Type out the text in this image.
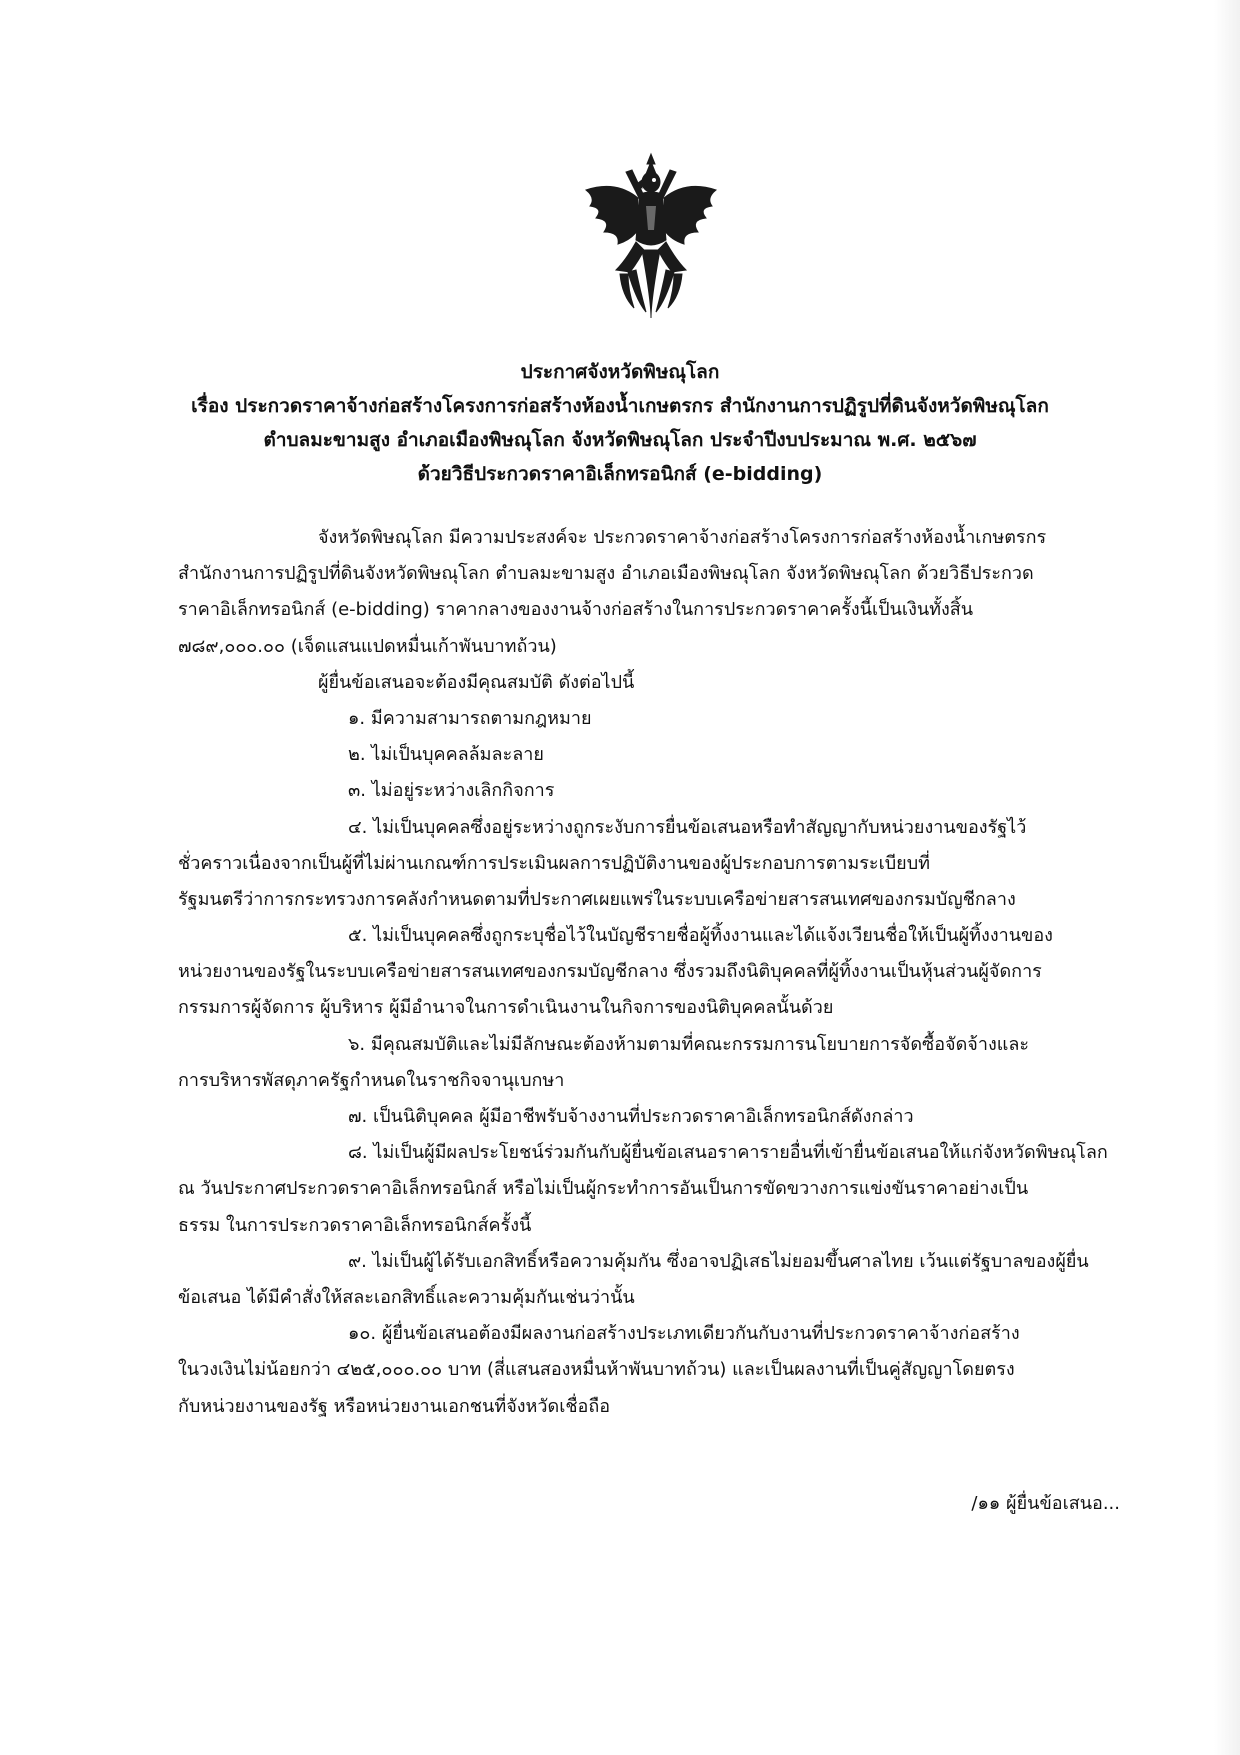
ประกาศจังหวัดพิษณุโลก
เรื่อง ประกวดราคาจ้างก่อสร้างโครงการก่อสร้างห้องน้ำเกษตรกร สำนักงานการปฏิรูปที่ดินจังหวัดพิษณุโลก
ตำบลมะขามสูง อำเภอเมืองพิษณุโลก จังหวัดพิษณุโลก ประจำปีงบประมาณ พ.ศ. ๒๕๖๗
ด้วยวิธีประกวดราคาอิเล็กทรอนิกส์ (e-bidding)
จังหวัดพิษณุโลก มีความประสงค์จะ ประกวดราคาจ้างก่อสร้างโครงการก่อสร้างห้องน้ำเกษตรกร
สำนักงานการปฏิรูปที่ดินจังหวัดพิษณุโลก ตำบลมะขามสูง อำเภอเมืองพิษณุโลก จังหวัดพิษณุโลก ด้วยวิธีประกวด
ราคาอิเล็กทรอนิกส์ (e-bidding) ราคากลางของงานจ้างก่อสร้างในการประกวดราคาครั้งนี้เป็นเงินทั้งสิ้น
๗๘๙,๐๐๐.๐๐ (เจ็ดแสนแปดหมื่นเก้าพันบาทถ้วน)
ผู้ยื่นข้อเสนอจะต้องมีคุณสมบัติ ดังต่อไปนี้
๑. มีความสามารถตามกฎหมาย
๒. ไม่เป็นบุคคลล้มละลาย
๓. ไม่อยู่ระหว่างเลิกกิจการ
๔. ไม่เป็นบุคคลซึ่งอยู่ระหว่างถูกระงับการยื่นข้อเสนอหรือทำสัญญากับหน่วยงานของรัฐไว้
ชั่วคราวเนื่องจากเป็นผู้ที่ไม่ผ่านเกณฑ์การประเมินผลการปฏิบัติงานของผู้ประกอบการตามระเบียบที่
รัฐมนตรีว่าการกระทรวงการคลังกำหนดตามที่ประกาศเผยแพร่ในระบบเครือข่ายสารสนเทศของกรมบัญชีกลาง
๕. ไม่เป็นบุคคลซึ่งถูกระบุชื่อไว้ในบัญชีรายชื่อผู้ทิ้งงานและได้แจ้งเวียนชื่อให้เป็นผู้ทิ้งงานของ
หน่วยงานของรัฐในระบบเครือข่ายสารสนเทศของกรมบัญชีกลาง ซึ่งรวมถึงนิติบุคคลที่ผู้ทิ้งงานเป็นหุ้นส่วนผู้จัดการ
กรรมการผู้จัดการ ผู้บริหาร ผู้มีอำนาจในการดำเนินงานในกิจการของนิติบุคคลนั้นด้วย
๖. มีคุณสมบัติและไม่มีลักษณะต้องห้ามตามที่คณะกรรมการนโยบายการจัดซื้อจัดจ้างและ
การบริหารพัสดุภาครัฐกำหนดในราชกิจจานุเบกษา
๗. เป็นนิติบุคคล ผู้มีอาชีพรับจ้างงานที่ประกวดราคาอิเล็กทรอนิกส์ดังกล่าว
๘. ไม่เป็นผู้มีผลประโยชน์ร่วมกันกับผู้ยื่นข้อเสนอราคารายอื่นที่เข้ายื่นข้อเสนอให้แก่จังหวัดพิษณุโลก
ณ วันประกาศประกวดราคาอิเล็กทรอนิกส์ หรือไม่เป็นผู้กระทำการอันเป็นการขัดขวางการแข่งขันราคาอย่างเป็น
ธรรม ในการประกวดราคาอิเล็กทรอนิกส์ครั้งนี้
๙. ไม่เป็นผู้ได้รับเอกสิทธิ์หรือความคุ้มกัน ซึ่งอาจปฏิเสธไม่ยอมขึ้นศาลไทย เว้นแต่รัฐบาลของผู้ยื่น
ข้อเสนอ ได้มีคำสั่งให้สละเอกสิทธิ์และความคุ้มกันเช่นว่านั้น
๑๐. ผู้ยื่นข้อเสนอต้องมีผลงานก่อสร้างประเภทเดียวกันกับงานที่ประกวดราคาจ้างก่อสร้าง
ในวงเงินไม่น้อยกว่า ๔๒๕,๐๐๐.๐๐ บาท (สี่แสนสองหมื่นห้าพันบาทถ้วน) และเป็นผลงานที่เป็นคู่สัญญาโดยตรง
กับหน่วยงานของรัฐ หรือหน่วยงานเอกชนที่จังหวัดเชื่อถือ
/๑๑ ผู้ยื่นข้อเสนอ...
